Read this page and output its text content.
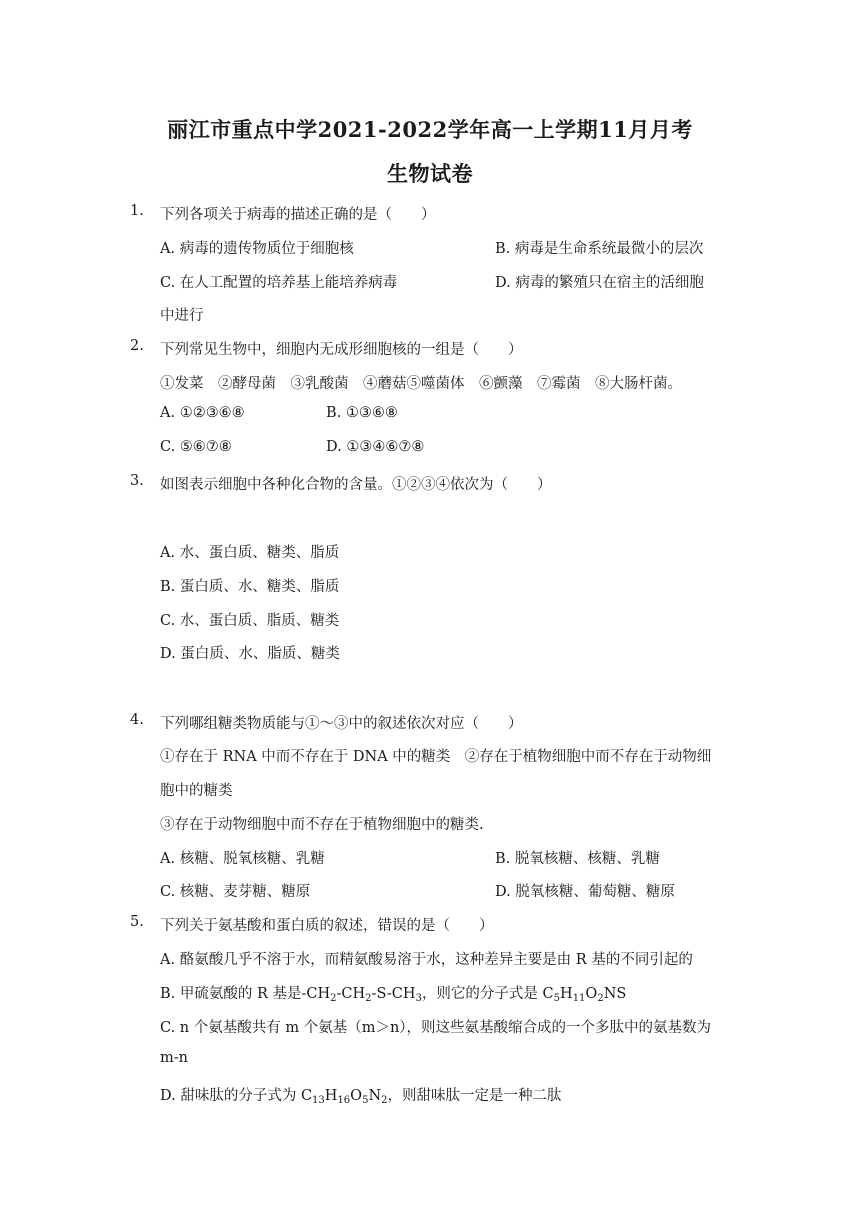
丽江市重点中学2021-2022学年高一上学期11月月考
生物试卷
1. 下列各项关于病毒的描述正确的是（　　）
A. 病毒的遗传物质位于细胞核	B. 病毒是生命系统最微小的层次
C. 在人工配置的培养基上能培养病毒	D. 病毒的繁殖只在宿主的活细胞
中进行
2. 下列常见生物中，细胞内无成形细胞核的一组是（　　）
①发菜　②酵母菌　③乳酸菌　④蘑菇⑤噬菌体　⑥颤藻　⑦霉菌　⑧大肠杆菌。
A. ①②③⑥⑧	B. ①③⑥⑧
C. ⑤⑥⑦⑧	D. ①③④⑥⑦⑧
3. 如图表示细胞中各种化合物的含量。①②③④依次为（　　）
A. 水、蛋白质、糖类、脂质
B. 蛋白质、水、糖类、脂质
C. 水、蛋白质、脂质、糖类
D. 蛋白质、水、脂质、糖类
4. 下列哪组糖类物质能与①～③中的叙述依次对应（　　）
①存在于 RNA 中而不存在于 DNA 中的糖类　②存在于植物细胞中而不存在于动物细
胞中的糖类
③存在于动物细胞中而不存在于植物细胞中的糖类.
A. 核糖、脱氧核糖、乳糖	B. 脱氧核糖、核糖、乳糖
C. 核糖、麦芽糖、糖原	D. 脱氧核糖、葡萄糖、糖原
5. 下列关于氨基酸和蛋白质的叙述，错误的是（　　）
A. 酪氨酸几乎不溶于水，而精氨酸易溶于水，这种差异主要是由 R 基的不同引起的
B. 甲硫氨酸的 R 基是$-CH_2-CH_2-S-CH_3$，则它的分子式是 $C_5H_{11}O_2NS$
C. n 个氨基酸共有 m 个氨基（m＞n），则这些氨基酸缩合成的一个多肽中的氨基数为
m-n
D. 甜味肽的分子式为 $C_{13}H_{16}O_5N_2$，则甜味肽一定是一种二肽
